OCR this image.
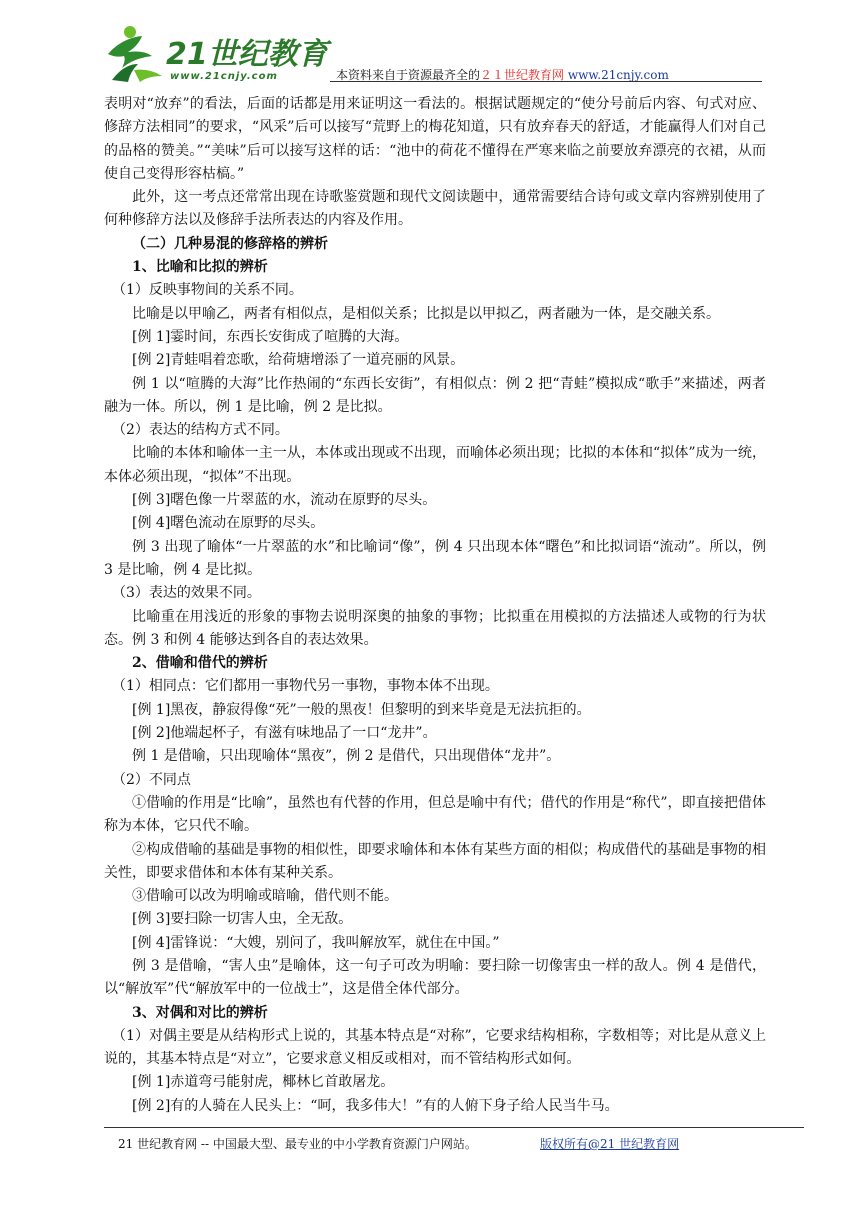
21世纪教育
www.21cnjy.com	本资料来自于资源最齐全的２１世纪教育网 www.21cnjy.com

表明对“放弃”的看法，后面的话都是用来证明这一看法的。根据试题规定的“使分号前后内容、句式对应、修辞方法相同”的要求，“风采”后可以接写“荒野上的梅花知道，只有放弃春天的舒适，才能赢得人们对自己的品格的赞美。”“美味”后可以接写这样的话：“池中的荷花不懂得在严寒来临之前要放弃漂亮的衣裙，从而使自己变得形容枯槁。”

此外，这一考点还常常出现在诗歌鉴赏题和现代文阅读题中，通常需要结合诗句或文章内容辨别使用了何种修辞方法以及修辞手法所表达的内容及作用。

（二）几种易混的修辞格的辨析

1、比喻和比拟的辨析

（1）反映事物间的关系不同。

比喻是以甲喻乙，两者有相似点，是相似关系；比拟是以甲拟乙，两者融为一体，是交融关系。

[例 1]霎时间，东西长安街成了喧腾的大海。

[例 2]青蛙唱着恋歌，给荷塘增添了一道亮丽的风景。

例 1 以“喧腾的大海”比作热闹的“东西长安街”，有相似点：例 2 把“青蛙”模拟成“歌手”来描述，两者融为一体。所以，例 1 是比喻，例 2 是比拟。

（2）表达的结构方式不同。

比喻的本体和喻体一主一从，本体或出现或不出现，而喻体必须出现；比拟的本体和“拟体”成为一统，本体必须出现，“拟体”不出现。

[例 3]曙色像一片翠蓝的水，流动在原野的尽头。

[例 4]曙色流动在原野的尽头。

例 3 出现了喻体“一片翠蓝的水”和比喻词“像”，例 4 只出现本体“曙色”和比拟词语“流动”。所以，例 3 是比喻，例 4 是比拟。

（3）表达的效果不同。

比喻重在用浅近的形象的事物去说明深奥的抽象的事物；比拟重在用模拟的方法描述人或物的行为状态。例 3 和例 4 能够达到各自的表达效果。

2、借喻和借代的辨析

（1）相同点：它们都用一事物代另一事物，事物本体不出现。

[例 1]黑夜，静寂得像“死”一般的黑夜！但黎明的到来毕竟是无法抗拒的。

[例 2]他端起杯子，有滋有味地品了一口“龙井”。

例 1 是借喻，只出现喻体“黑夜”，例 2 是借代，只出现借体“龙井”。

（2）不同点

①借喻的作用是“比喻”，虽然也有代替的作用，但总是喻中有代；借代的作用是“称代”，即直接把借体称为本体，它只代不喻。

②构成借喻的基础是事物的相似性，即要求喻体和本体有某些方面的相似；构成借代的基础是事物的相关性，即要求借体和本体有某种关系。

③借喻可以改为明喻或暗喻，借代则不能。

[例 3]要扫除一切害人虫，全无敌。

[例 4]雷锋说：“大嫂，别问了，我叫解放军，就住在中国。”

例 3 是借喻，“害人虫”是喻体，这一句子可改为明喻：要扫除一切像害虫一样的敌人。例 4 是借代，以“解放军”代“解放军中的一位战士”，这是借全体代部分。

3、对偶和对比的辨析

（1）对偶主要是从结构形式上说的，其基本特点是“对称”，它要求结构相称，字数相等；对比是从意义上说的，其基本特点是“对立”，它要求意义相反或相对，而不管结构形式如何。

[例 1]赤道弯弓能射虎，椰林匕首敢屠龙。

[例 2]有的人骑在人民头上：“呵，我多伟大！”有的人俯下身子给人民当牛马。

21 世纪教育网 -- 中国最大型、最专业的中小学教育资源门户网站。	版权所有@21 世纪教育网
